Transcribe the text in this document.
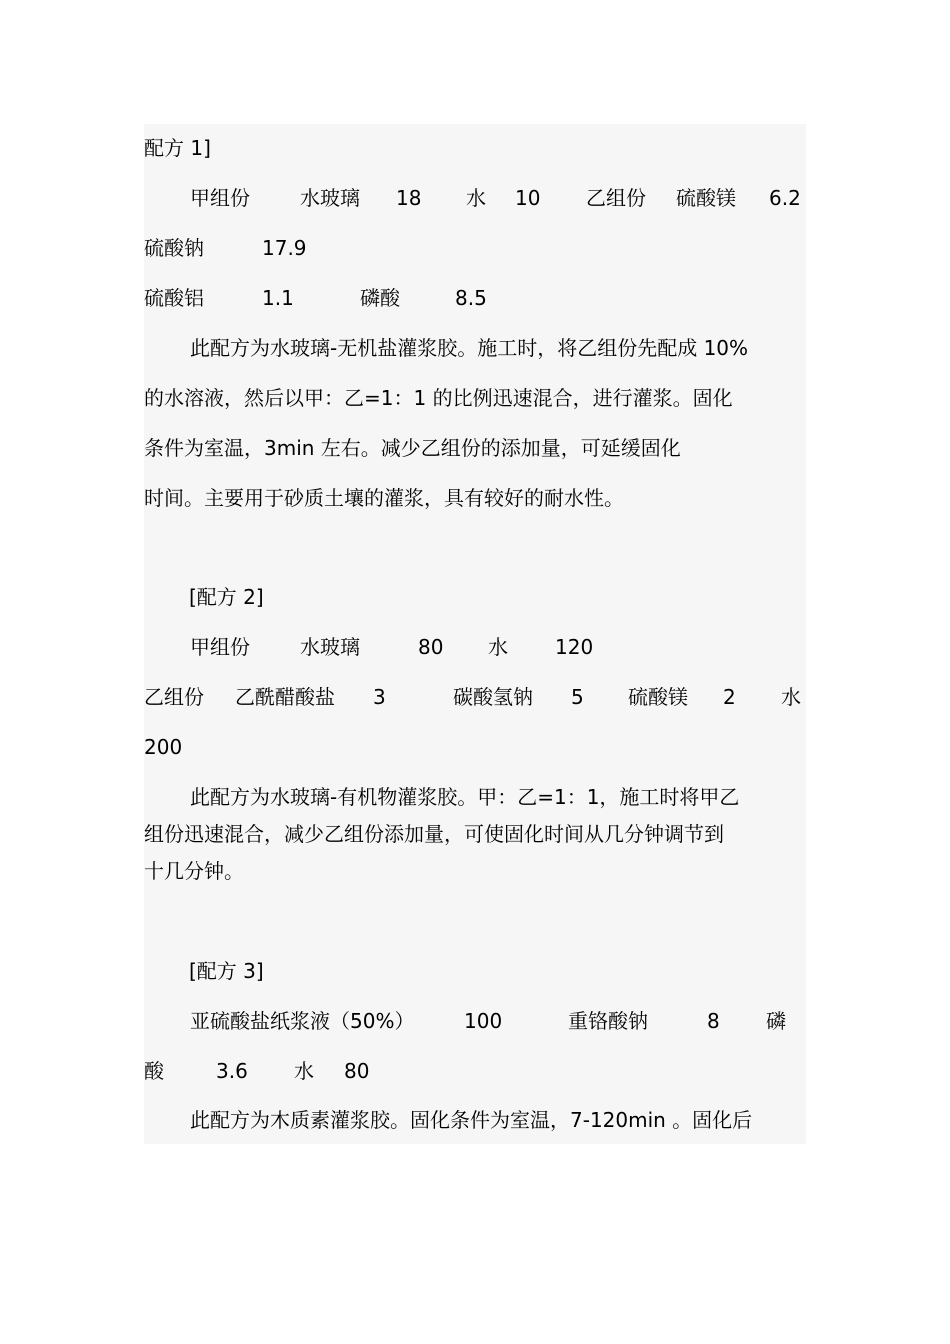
配方 1]
甲组份	水玻璃 18 水 10 乙组份 硫酸镁 6.2
硫酸钠	17.9
硫酸铝	1.1	磷酸	8.5
此配方为水玻璃-无机盐灌浆胶。施工时，将乙组份先配成 10%
的水溶液，然后以甲：乙=1：1 的比例迅速混合，进行灌浆。固化
条件为室温，3min 左右。减少乙组份的添加量，可延缓固化
时间。主要用于砂质土壤的灌浆，具有较好的耐水性。
[配方 2]
甲组份	水玻璃	80 水 120
乙组份 乙酰醋酸盐 3	碳酸氢钠 5 硫酸镁 2 水
200
此配方为水玻璃-有机物灌浆胶。甲：乙=1：1，施工时将甲乙
组份迅速混合，减少乙组份添加量，可使固化时间从几分钟调节到
十几分钟。
[配方 3]
亚硫酸盐纸浆液（50%） 100	重铬酸钠	8 磷
酸	3.6 水 80
此配方为木质素灌浆胶。固化条件为室温，7-120min 。固化后
